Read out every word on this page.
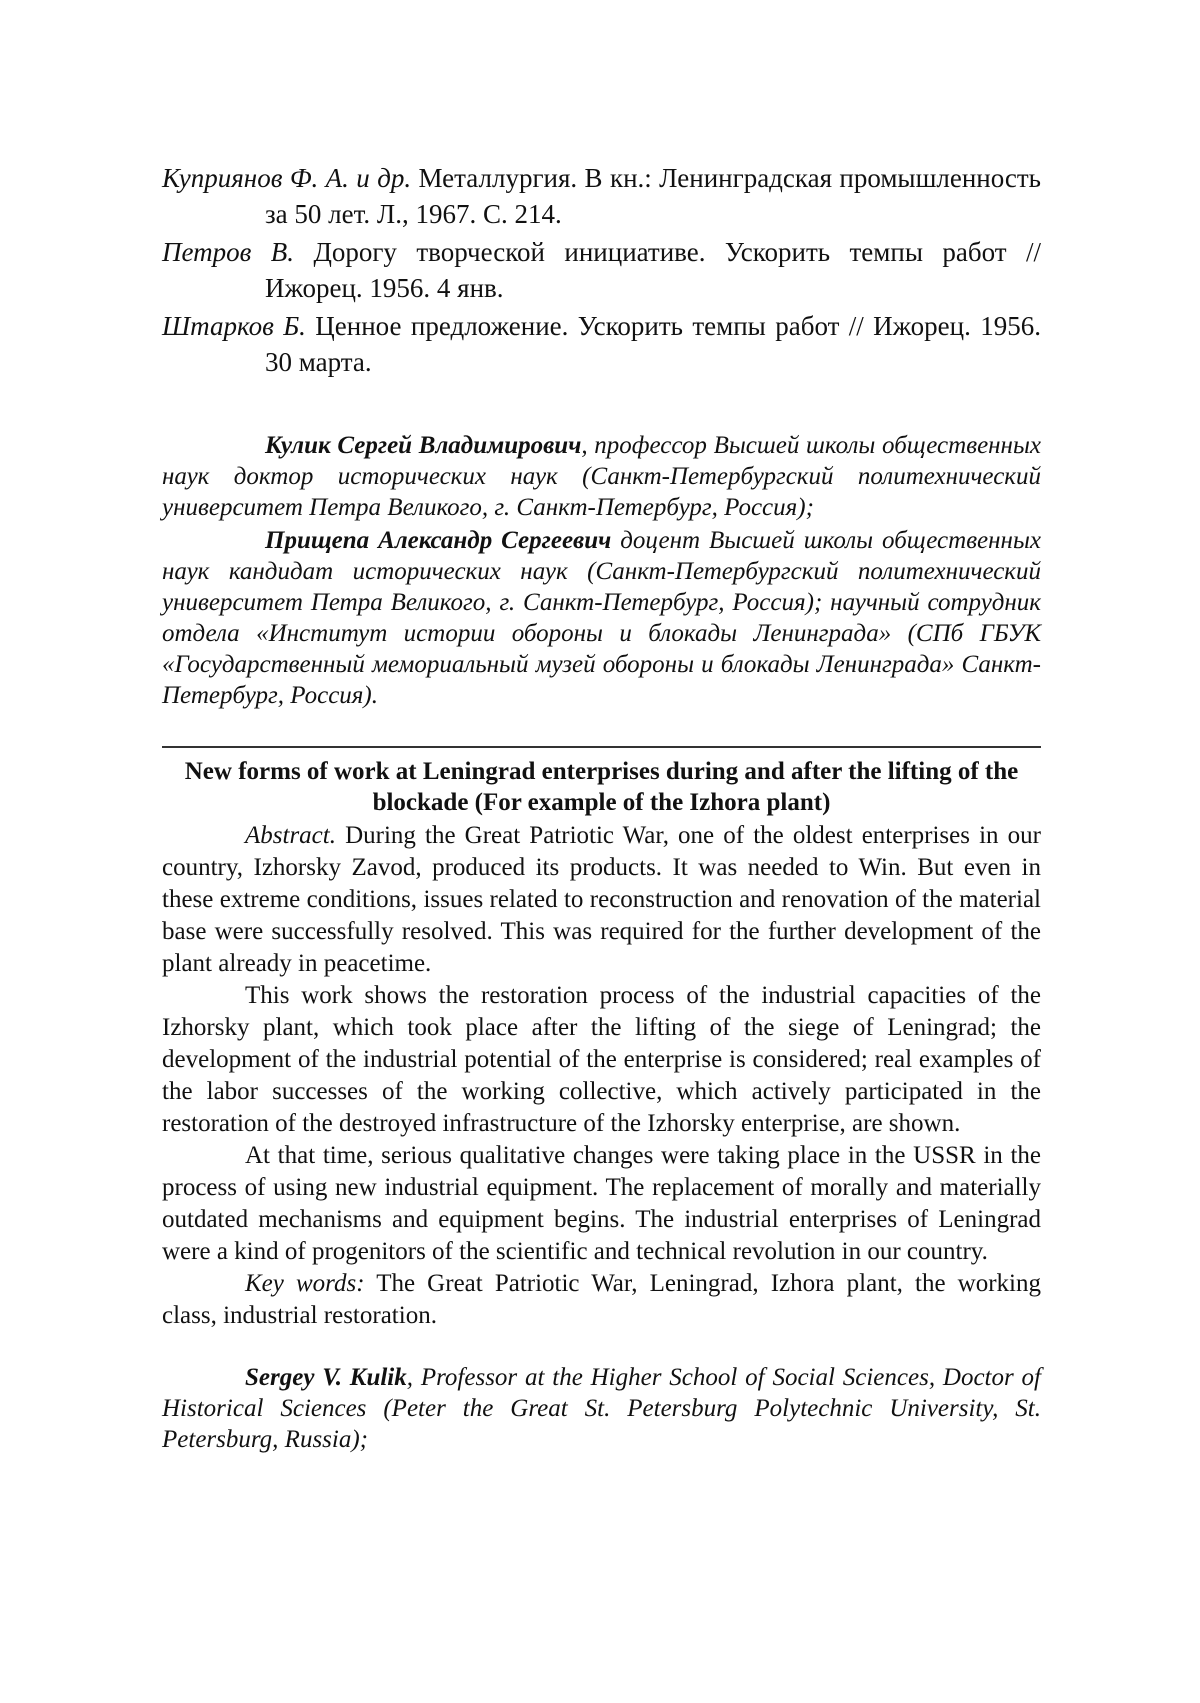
Куприянов Ф. А. и др. Металлургия. В кн.: Ленинградская промышленность за 50 лет. Л., 1967. С. 214.

Петров В. Дорогу творческой инициативе. Ускорить темпы работ // Ижорец. 1956. 4 янв.

Штарков Б. Ценное предложение. Ускорить темпы работ // Ижорец. 1956. 30 марта.

Кулик Сергей Владимирович, профессор Высшей школы общественных наук доктор исторических наук (Санкт-Петербургский политехнический университет Петра Великого, г. Санкт-Петербург, Россия);

Прищепа Александр Сергеевич доцент Высшей школы общественных наук кандидат исторических наук (Санкт-Петербургский политехнический университет Петра Великого, г. Санкт-Петербург, Россия); научный сотрудник отдела «Институт истории обороны и блокады Ленинграда» (СПб ГБУК «Государственный мемориальный музей обороны и блокады Ленинграда» Санкт-Петербург, Россия).

New forms of work at Leningrad enterprises during and after the lifting of the blockade (For example of the Izhora plant)

Abstract. During the Great Patriotic War, one of the oldest enterprises in our country, Izhorsky Zavod, produced its products. It was needed to Win. But even in these extreme conditions, issues related to reconstruction and renovation of the material base were successfully resolved. This was required for the further development of the plant already in peacetime.

This work shows the restoration process of the industrial capacities of the Izhorsky plant, which took place after the lifting of the siege of Leningrad; the development of the industrial potential of the enterprise is considered; real examples of the labor successes of the working collective, which actively participated in the restoration of the destroyed infrastructure of the Izhorsky enterprise, are shown.

At that time, serious qualitative changes were taking place in the USSR in the process of using new industrial equipment. The replacement of morally and materially outdated mechanisms and equipment begins. The industrial enterprises of Leningrad were a kind of progenitors of the scientific and technical revolution in our country.

Key words: The Great Patriotic War, Leningrad, Izhora plant, the working class, industrial restoration.

Sergey V. Kulik, Professor at the Higher School of Social Sciences, Doctor of Historical Sciences (Peter the Great St. Petersburg Polytechnic University, St. Petersburg, Russia);
